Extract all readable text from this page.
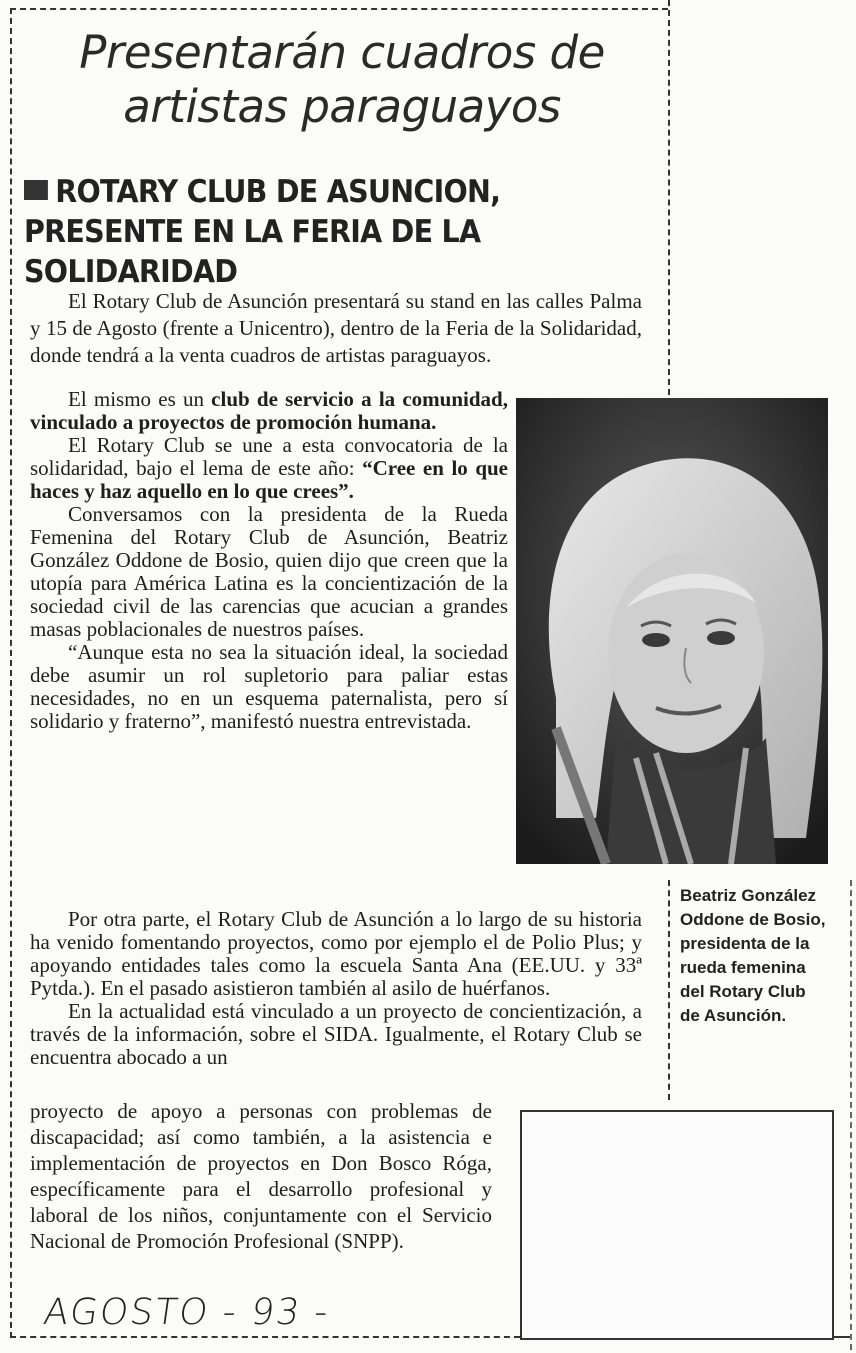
Presentarán cuadros de artistas paraguayos
ROTARY CLUB DE ASUNCION, PRESENTE EN LA FERIA DE LA SOLIDARIDAD

El Rotary Club de Asunción presentará su stand en las calles Palma y 15 de Agosto (frente a Unicentro), dentro de la Feria de la Solidaridad, donde tendrá a la venta cuadros de artistas paraguayos.

El mismo es un club de servicio a la comunidad, vinculado a proyectos de promoción humana.

El Rotary Club se une a esta convocatoria de la solidaridad, bajo el lema de este año: “Cree en lo que haces y haz aquello en lo que crees”.

Conversamos con la presidenta de la Rueda Femenina del Rotary Club de Asunción, Beatriz González Oddone de Bosio, quien dijo que creen que la utopía para América Latina es la concientización de la sociedad civil de las carencias que acucian a grandes masas poblacionales de nuestros países.

“Aunque esta no sea la situación ideal, la sociedad debe asumir un rol supletorio para paliar estas necesidades, no en un esquema paternalista, pero sí solidario y fraterno”, manifestó nuestra entrevistada.

Por otra parte, el Rotary Club de Asunción a lo largo de su historia ha venido fomentando proyectos, como por ejemplo el de Polio Plus; y apoyando entidades tales como la escuela Santa Ana (EE.UU. y 33ª Pytda.). En el pasado asistieron también al asilo de huérfanos.

En la actualidad está vinculado a un proyecto de concientización, a través de la información, sobre el SIDA. Igualmente, el Rotary Club se encuentra abocado a un

proyecto de apoyo a personas con problemas de discapacidad; así como también, a la asistencia e implementación de proyectos en Don Bosco Róga, específicamente para el desarrollo profesional y laboral de los niños, conjuntamente con el Servicio Nacional de Promoción Profesional (SNPP).

Beatriz González Oddone de Bosio, presidenta de la rueda femenina del Rotary Club de Asunción.

AGOSTO - 93 -
